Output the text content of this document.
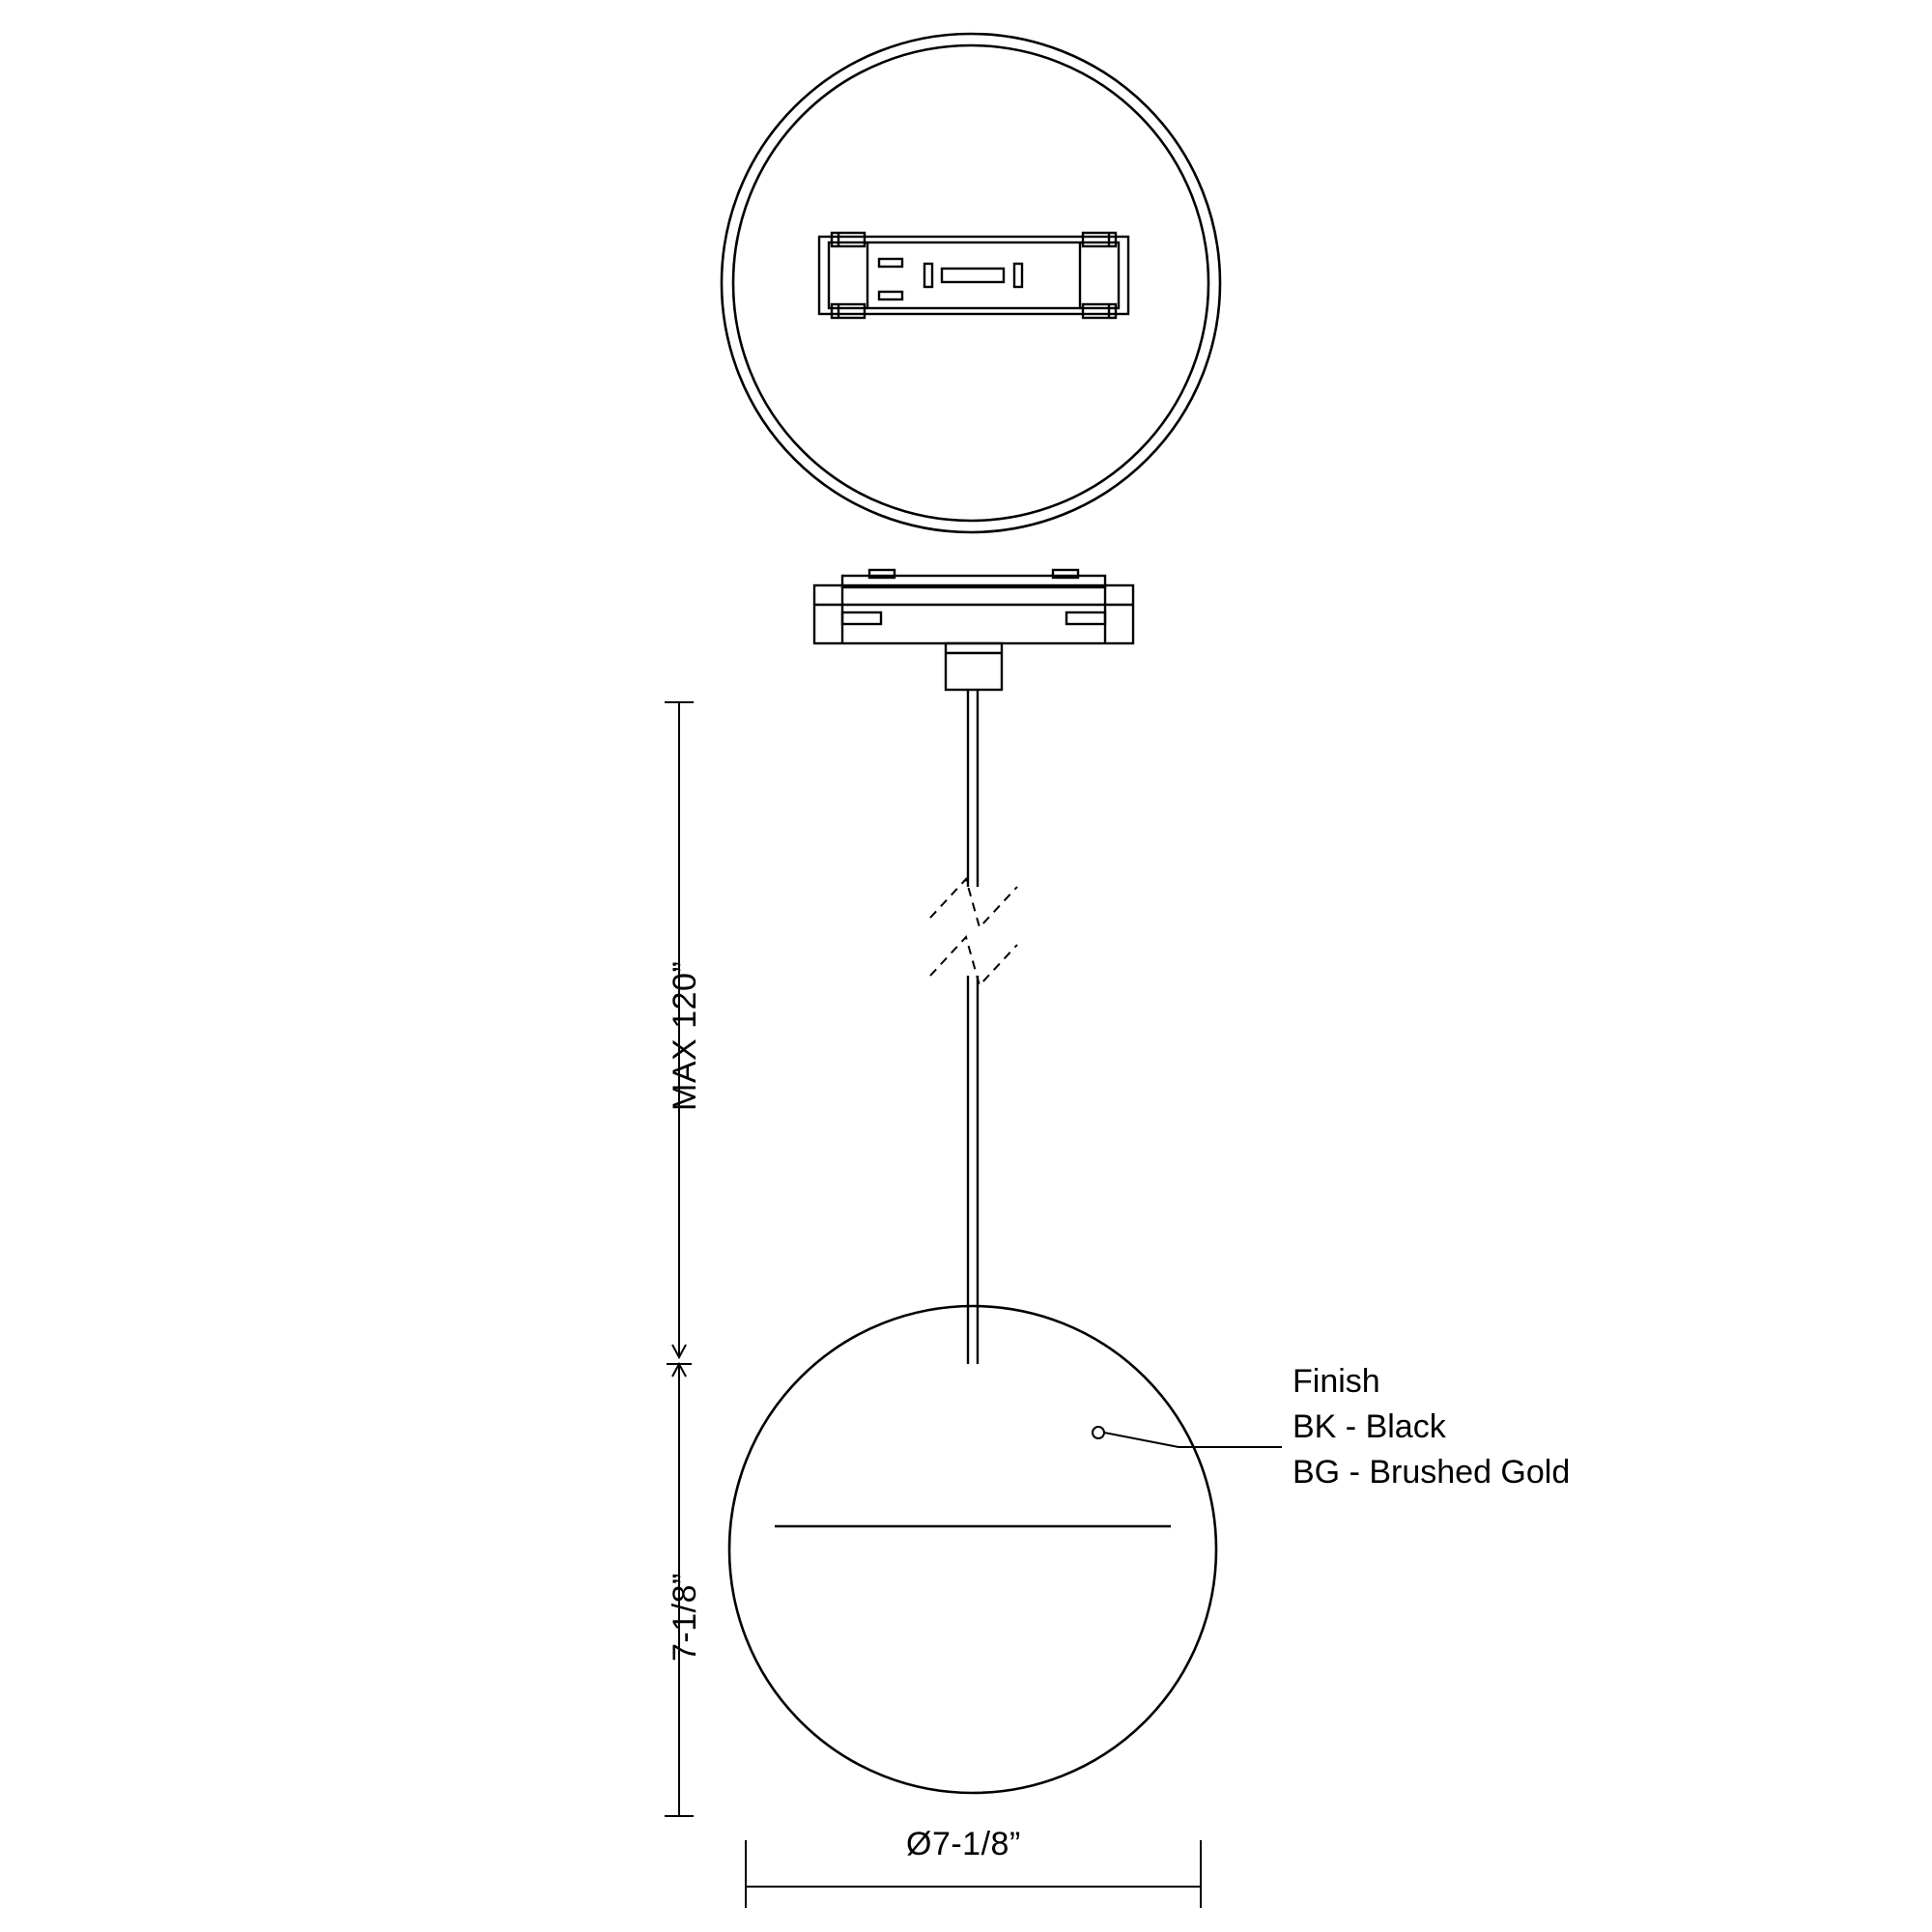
MAX 120”
7-1/8”
Ø7-1/8”
Finish
BK - Black
BG - Brushed Gold
